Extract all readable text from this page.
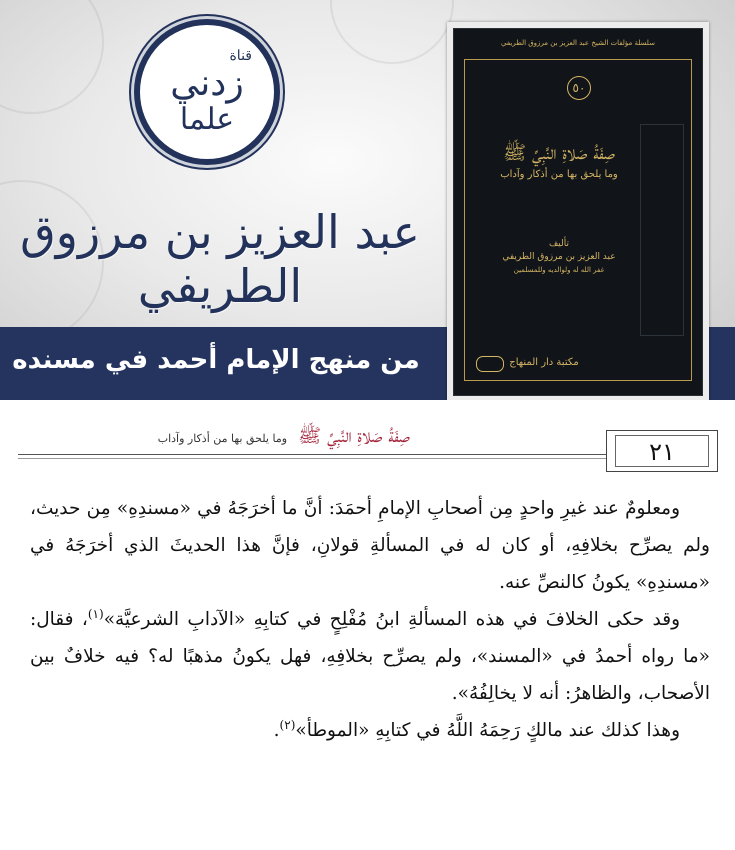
قناة
زدني
علما
عبد العزيز بن مرزوق الطريفي
من منهج الإمام أحمد في مسنده
سلسلة مؤلفات الشيخ عبد العزيز بن مرزوق الطريفي
٥٠
صِفَةُ صَلاةِ النَّبِيِّ ﷺ
وما يلحق بها من أذكار وآداب
تأليف
عبد العزيز بن مرزوق الطريفي
غفر الله له ولوالديه وللمسلمين
مكتبة دار المنهاج
٢١
صِفَةُ صَلاةِ النَّبِيِّ ﷺ وما يلحق بها من أذكار وآداب

ومعلومٌ عند غيرِ واحدٍ مِن أصحابِ الإمامِ أحمَدَ: أنَّ ما أخرَجَهُ في «مسندِهِ» مِن حديث، ولم يصرِّح بخلافِهِ، أو كان له في المسألةِ قولانِ، فإنَّ هذا الحديثَ الذي أخرَجَهُ في «مسندِهِ» يكونُ كالنصِّ عنه.

وقد حكى الخلافَ في هذه المسألةِ ابنُ مُفْلِحٍ في كتابِهِ «الآدابِ الشرعيَّة»$^{(١)}$، فقال: «ما رواه أحمدُ في «المسند»، ولم يصرِّح بخلافِهِ، فهل يكونُ مذهبًا له؟ فيه خلافٌ بين الأصحاب، والظاهرُ: أنه لا يخالِفُهُ».

وهذا كذلك عند مالكٍ رَحِمَهُ اللَّهُ في كتابِهِ «الموطأ»$^{(٢)}$.
